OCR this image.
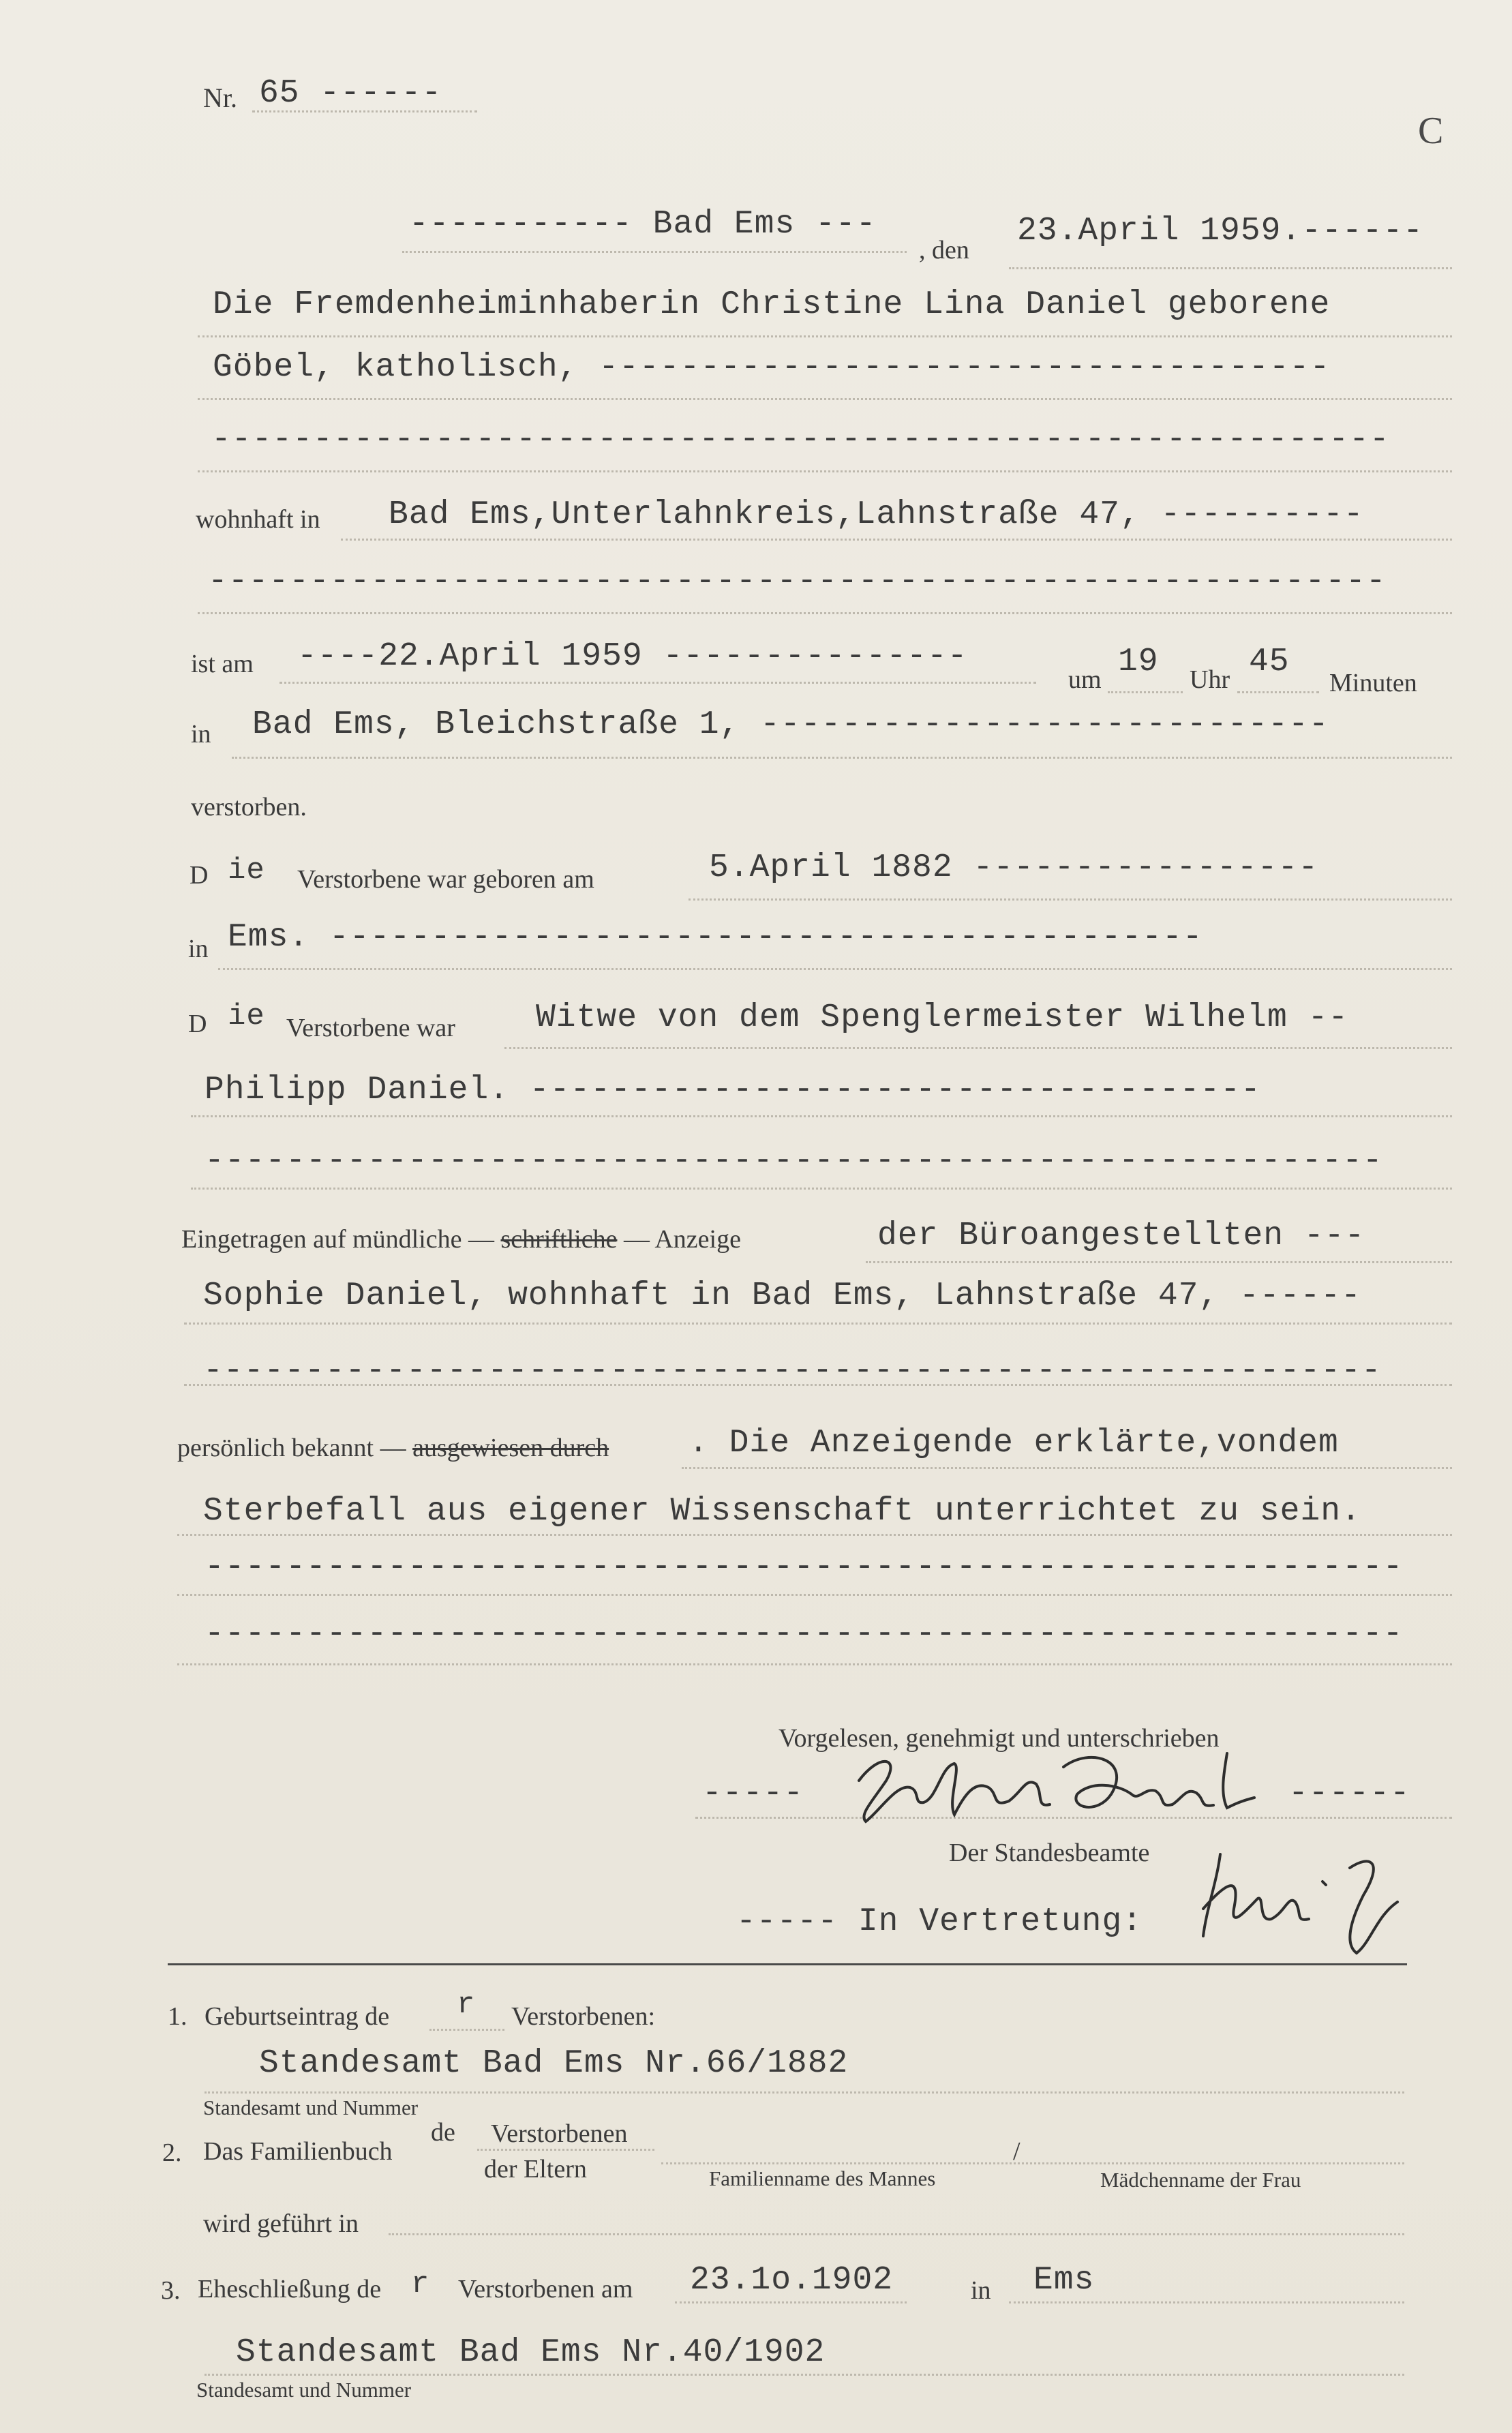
Nr. 65 ------
C
----------- Bad Ems ---
, den
23.April 1959.------
Die Fremdenheiminhaberin Christine Lina Daniel geborene
Göbel, katholisch, ------------------------------------
----------------------------------------------------------
wohnhaft in Bad Ems,Unterlahnkreis,Lahnstraße 47, ----------
----------------------------------------------------------
ist am ----22.April 1959 ---------------
um 19 Uhr 45
Minuten
in Bad Ems, Bleichstraße 1, ----------------------------
verstorben.
D ie Verstorbene war geboren am	5.April 1882 -----------------
in Ems. -------------------------------------------
D ie Verstorbene war Witwe von dem Spenglermeister Wilhelm --
Philipp Daniel. ------------------------------------
----------------------------------------------------------
Eingetragen auf mündliche — schriftliche — Anzeige	der Büroangestellten ---
Sophie Daniel, wohnhaft in Bad Ems, Lahnstraße 47, ------
----------------------------------------------------------
persönlich bekannt — ausgewiesen durch . Die Anzeigende erklärte,vondem
Sterbefall aus eigener Wissenschaft unterrichtet zu sein.
-----------------------------------------------------------
-----------------------------------------------------------
Vorgelesen, genehmigt und unterschrieben
-----	------
Der Standesbeamte
----- In Vertretung:
1. Geburtseintrag de r Verstorbenen:
Standesamt Bad Ems Nr.66/1882
Standesamt und Nummer
2. Das Familienbuch
de Verstorbenen
der Eltern
/
Familienname des Mannes	Mädchenname der Frau
wird geführt in
3. Eheschließung de r Verstorbenen am 23.1o.1902	in Ems
Standesamt Bad Ems Nr.40/1902
Standesamt und Nummer
